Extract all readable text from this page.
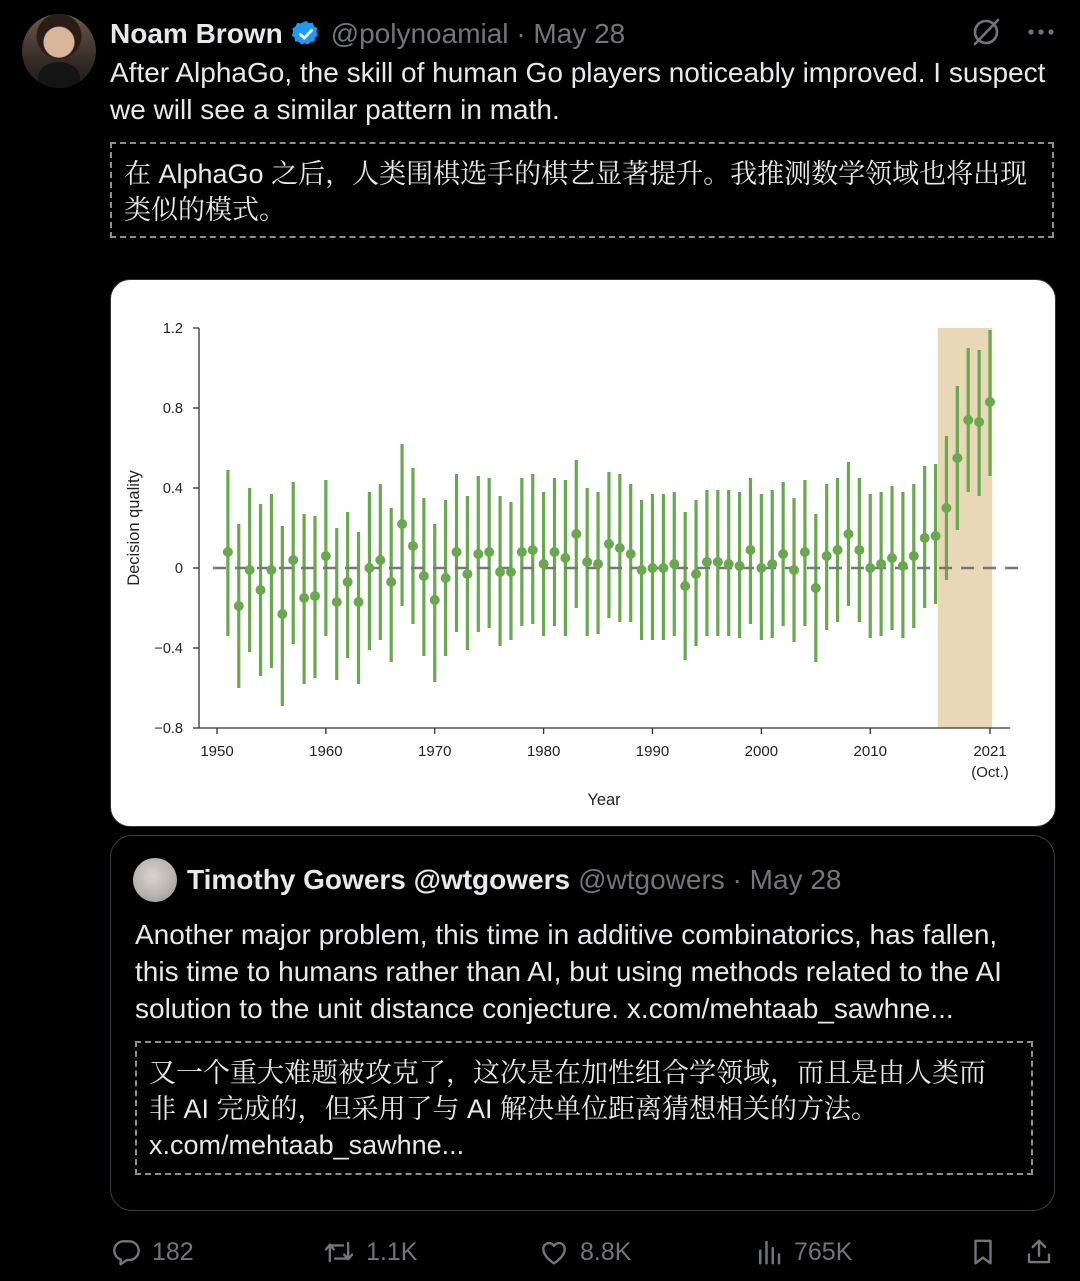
Noam Brown @polynoamial · May 28
After AlphaGo, the skill of human Go players noticeably improved. I suspect we will see a similar pattern in math.
在 AlphaGo 之后，人类围棋选手的棋艺显著提升。我推测数学领域也将出现类似的模式。
1.2
0.8
0.4
0
−0.4
−0.8
1950	1960	1970	1980	1990	2000	2010	2021
(Oct.)
Year
Decision quality
Timothy Gowers @wtgowers @wtgowers · May 28
Another major problem, this time in additive combinatorics, has fallen, this time to humans rather than AI, but using methods related to the AI solution to the unit distance conjecture. x.com/mehtaab_sawhne...
又一个重大难题被攻克了，这次是在加性组合学领域，而且是由人类而
非 AI 完成的，但采用了与 AI 解决单位距离猜想相关的方法。
x.com/mehtaab_sawhne...
182	1.1K	8.8K	765K
